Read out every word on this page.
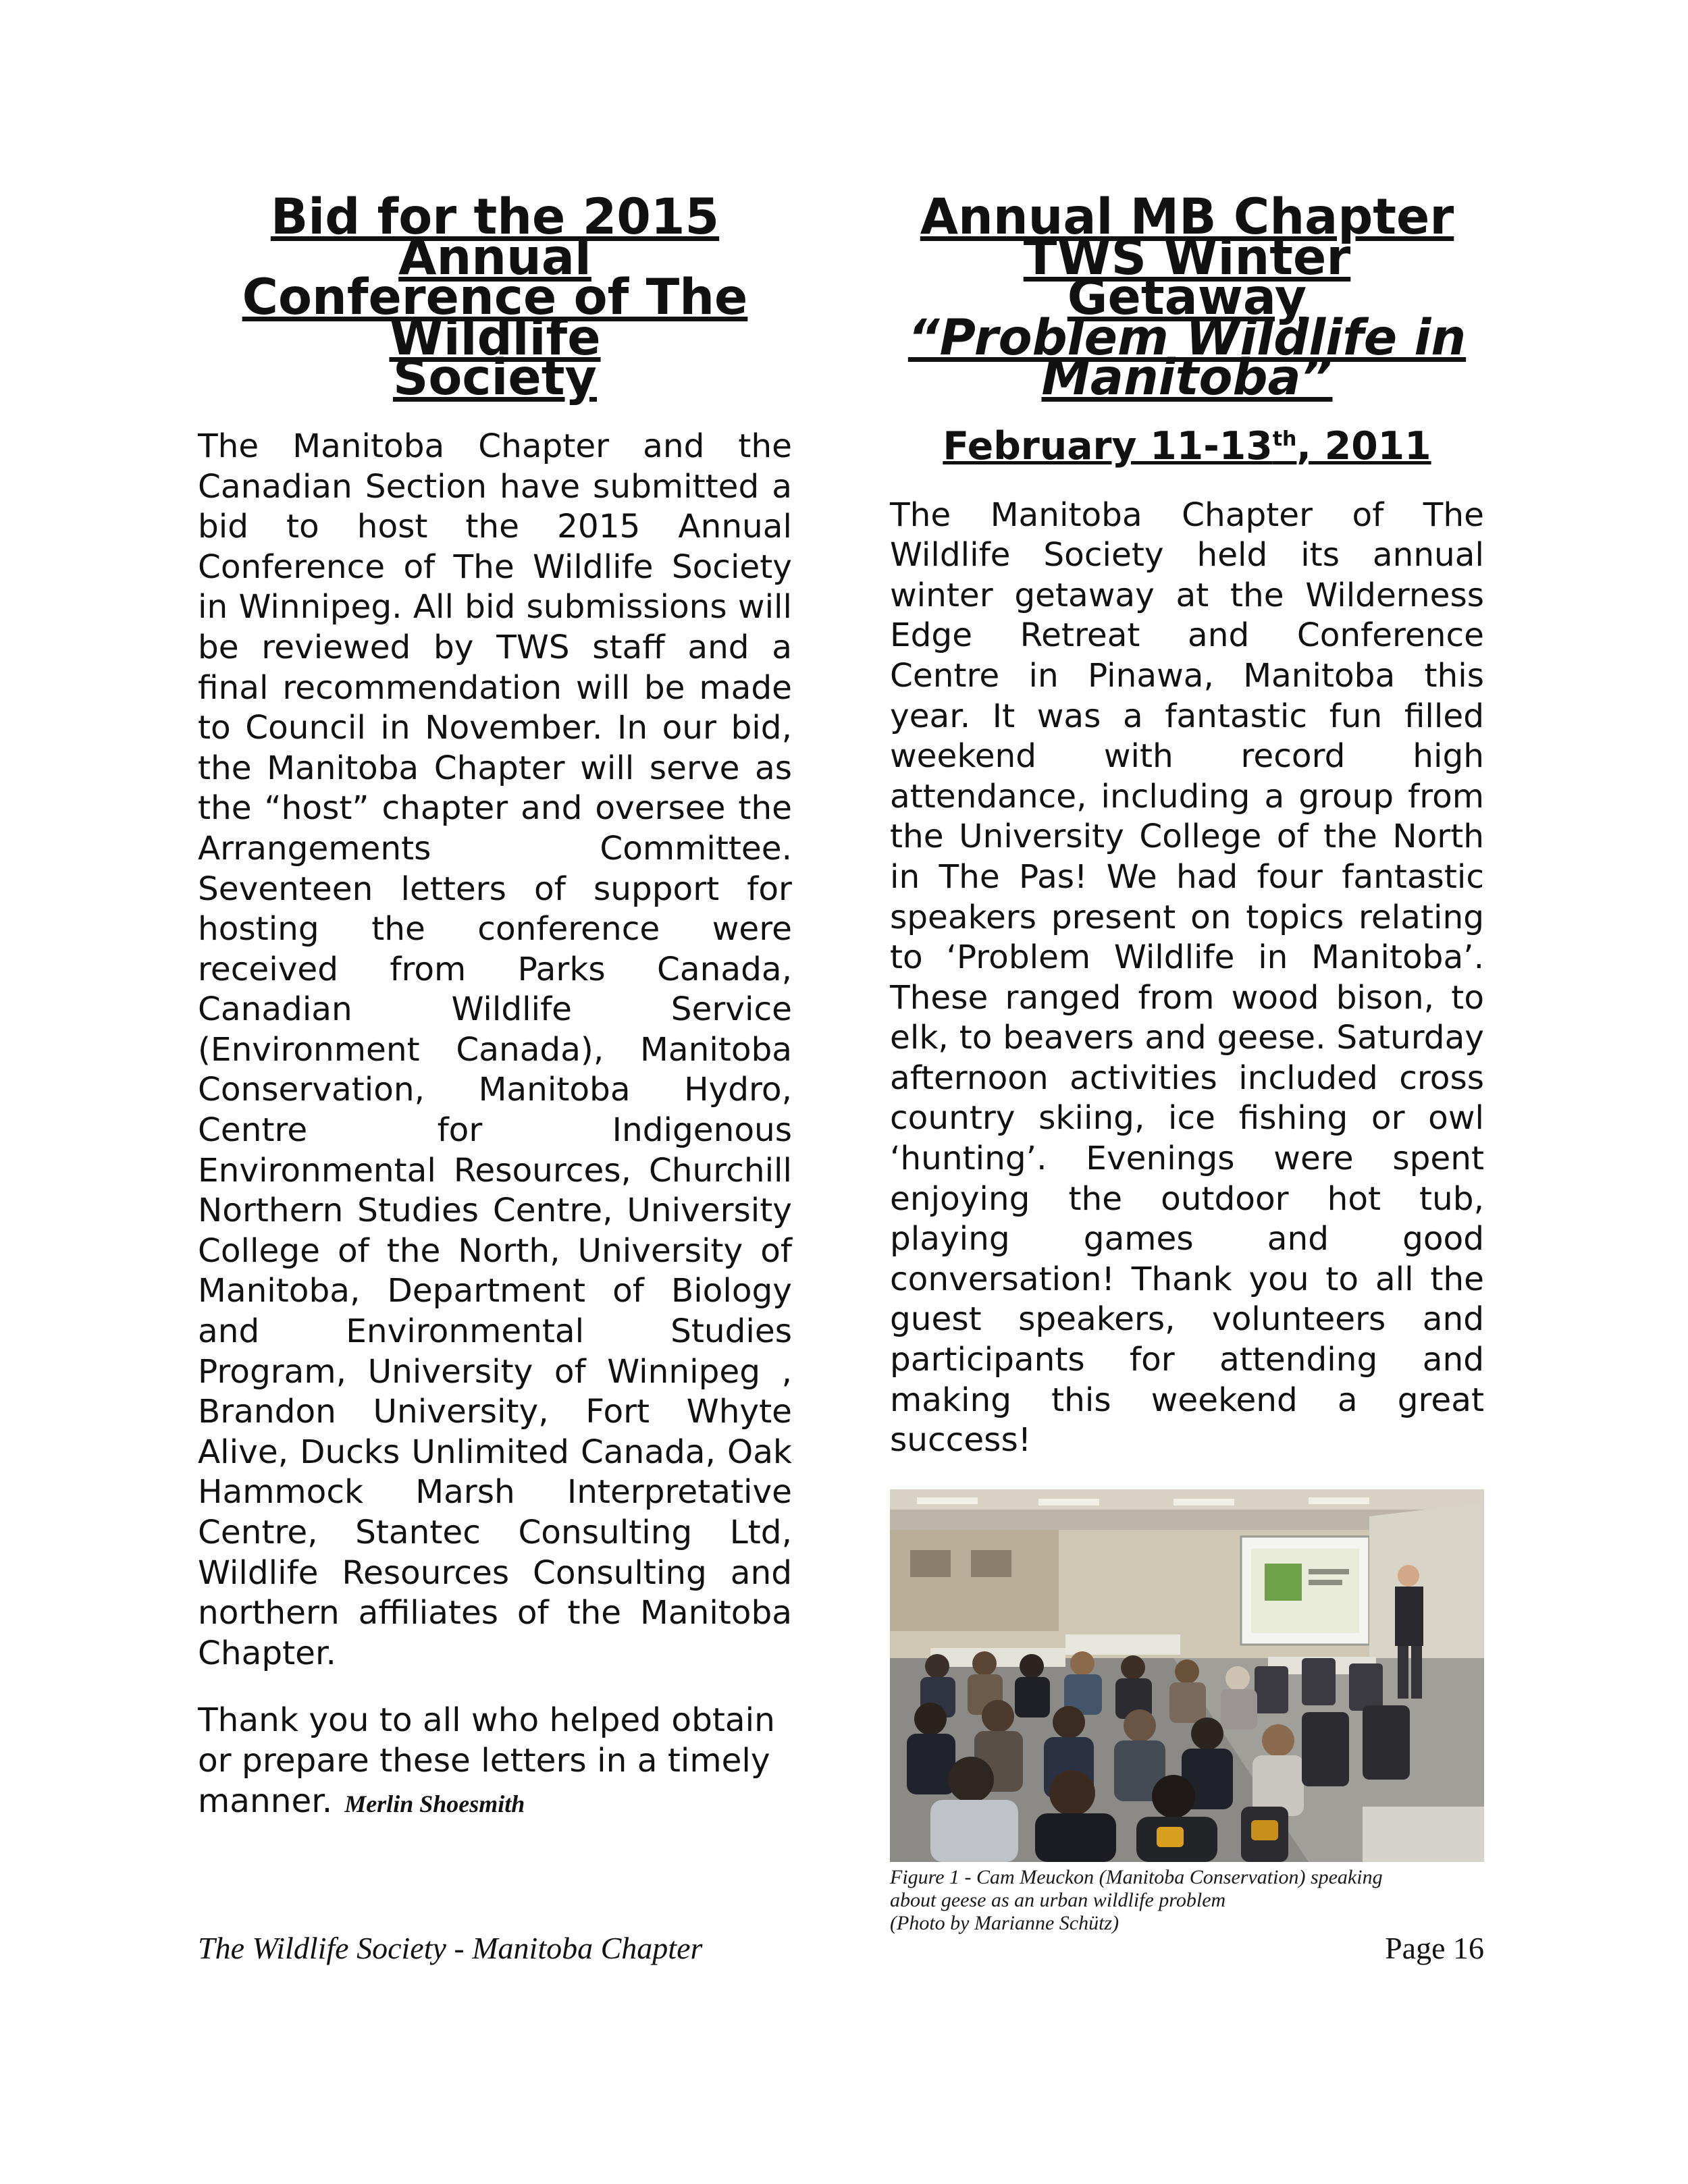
Bid for the 2015 Annual
Conference of The Wildlife
Society

The Manitoba Chapter and the Canadian Section have submitted a bid to host the 2015 Annual Conference of The Wildlife Society in Winnipeg. All bid submissions will be reviewed by TWS staff and a final recommendation will be made to Council in November. In our bid, the Manitoba Chapter will serve as the “host” chapter and oversee the Arrangements Committee. Seventeen letters of support for hosting the conference were received from Parks Canada, Canadian Wildlife Service (Environment Canada), Manitoba Conservation, Manitoba Hydro, Centre for Indigenous Environmental Resources, Churchill Northern Studies Centre, University College of the North, University of Manitoba, Department of Biology and Environmental Studies Program, University of Winnipeg , Brandon University, Fort Whyte Alive, Ducks Unlimited Canada, Oak Hammock Marsh Interpretative Centre, Stantec Consulting Ltd, Wildlife Resources Consulting and northern affiliates of the Manitoba Chapter.

Thank you to all who helped obtain or prepare these letters in a timely manner. Merlin Shoesmith

Annual MB Chapter TWS Winter
Getaway
“Problem Wildlife in Manitoba”
February 11-13th, 2011

The Manitoba Chapter of The Wildlife Society held its annual winter getaway at the Wilderness Edge Retreat and Conference Centre in Pinawa, Manitoba this year. It was a fantastic fun filled weekend with record high attendance, including a group from the University College of the North in The Pas! We had four fantastic speakers present on topics relating to ‘Problem Wildlife in Manitoba’. These ranged from wood bison, to elk, to beavers and geese. Saturday afternoon activities included cross country skiing, ice fishing or owl ‘hunting’. Evenings were spent enjoying the outdoor hot tub, playing games and good conversation! Thank you to all the guest speakers, volunteers and participants for attending and making this weekend a great success!

Figure 1 - Cam Meuckon (Manitoba Conservation) speaking
about geese as an urban wildlife problem
(Photo by Marianne Schütz)
The Wildlife Society - Manitoba Chapter	Page 16
